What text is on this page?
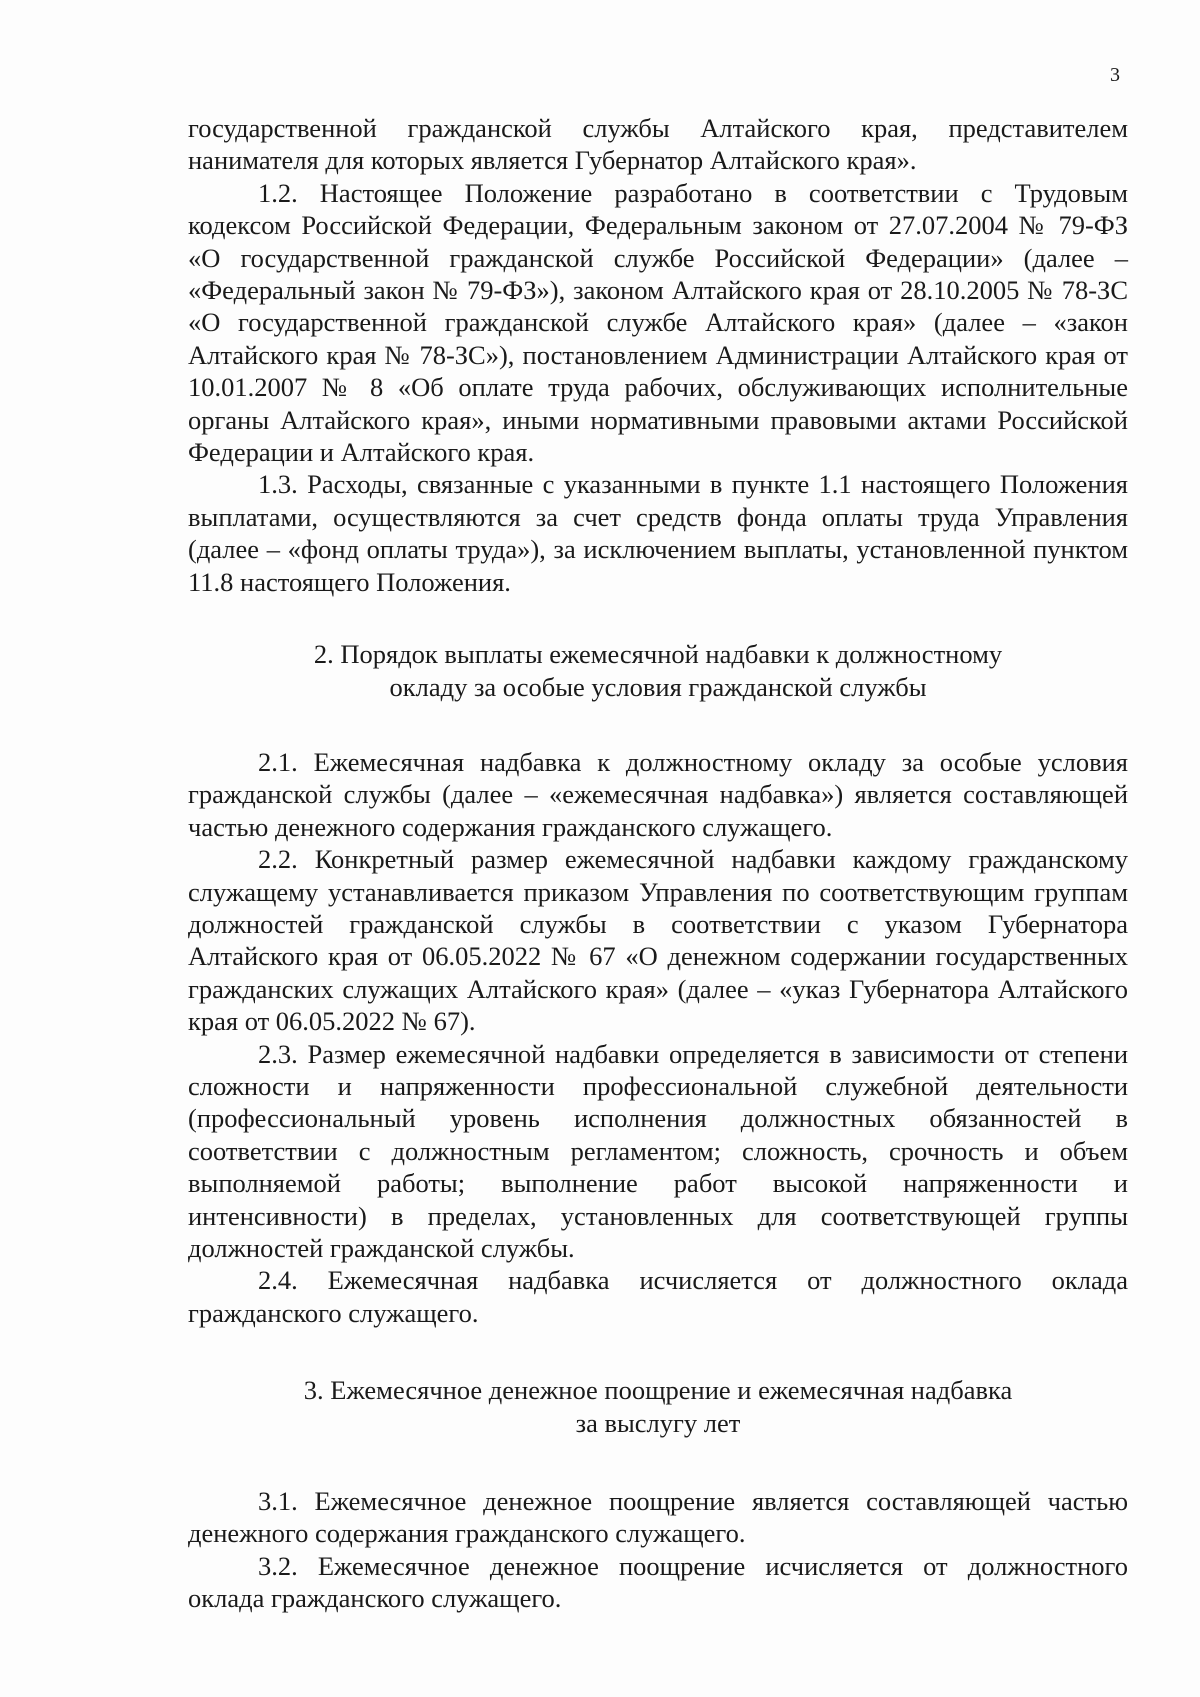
3

государственной гражданской службы Алтайского края, представителем нанимателя для которых является Губернатор Алтайского края».

1.2. Настоящее Положение разработано в соответствии с Трудовым кодексом Российской Федерации, Федеральным законом от 27.07.2004 № 79-ФЗ «О государственной гражданской службе Российской Федерации» (далее – «Федеральный закон № 79-ФЗ»), законом Алтайского края от 28.10.2005 № 78-ЗС «О государственной гражданской службе Алтайского края» (далее – «закон Алтайского края № 78-ЗС»), постановлением Администрации Алтайского края от 10.01.2007 № 8 «Об оплате труда рабочих, обслуживающих исполнительные органы Алтайского края», иными нормативными правовыми актами Российской Федерации и Алтайского края.

1.3. Расходы, связанные с указанными в пункте 1.1 настоящего Положения выплатами, осуществляются за счет средств фонда оплаты труда Управления (далее – «фонд оплаты труда»), за исключением выплаты, установленной пунктом 11.8 настоящего Положения.

2. Порядок выплаты ежемесячной надбавки к должностному
окладу за особые условия гражданской службы

2.1. Ежемесячная надбавка к должностному окладу за особые условия гражданской службы (далее – «ежемесячная надбавка») является составляющей частью денежного содержания гражданского служащего.

2.2. Конкретный размер ежемесячной надбавки каждому гражданскому служащему устанавливается приказом Управления по соответствующим группам должностей гражданской службы в соответствии с указом Губернатора Алтайского края от 06.05.2022 № 67 «О денежном содержании государственных гражданских служащих Алтайского края» (далее – «указ Губернатора Алтайского края от 06.05.2022 № 67).

2.3. Размер ежемесячной надбавки определяется в зависимости от степени сложности и напряженности профессиональной служебной деятельности (профессиональный уровень исполнения должностных обязанностей в соответствии с должностным регламентом; сложность, срочность и объем выполняемой работы; выполнение работ высокой напряженности и интенсивности) в пределах, установленных для соответствующей группы должностей гражданской службы.

2.4. Ежемесячная надбавка исчисляется от должностного оклада гражданского служащего.

3. Ежемесячное денежное поощрение и ежемесячная надбавка
за выслугу лет

3.1. Ежемесячное денежное поощрение является составляющей частью денежного содержания гражданского служащего.

3.2. Ежемесячное денежное поощрение исчисляется от должностного оклада гражданского служащего.
